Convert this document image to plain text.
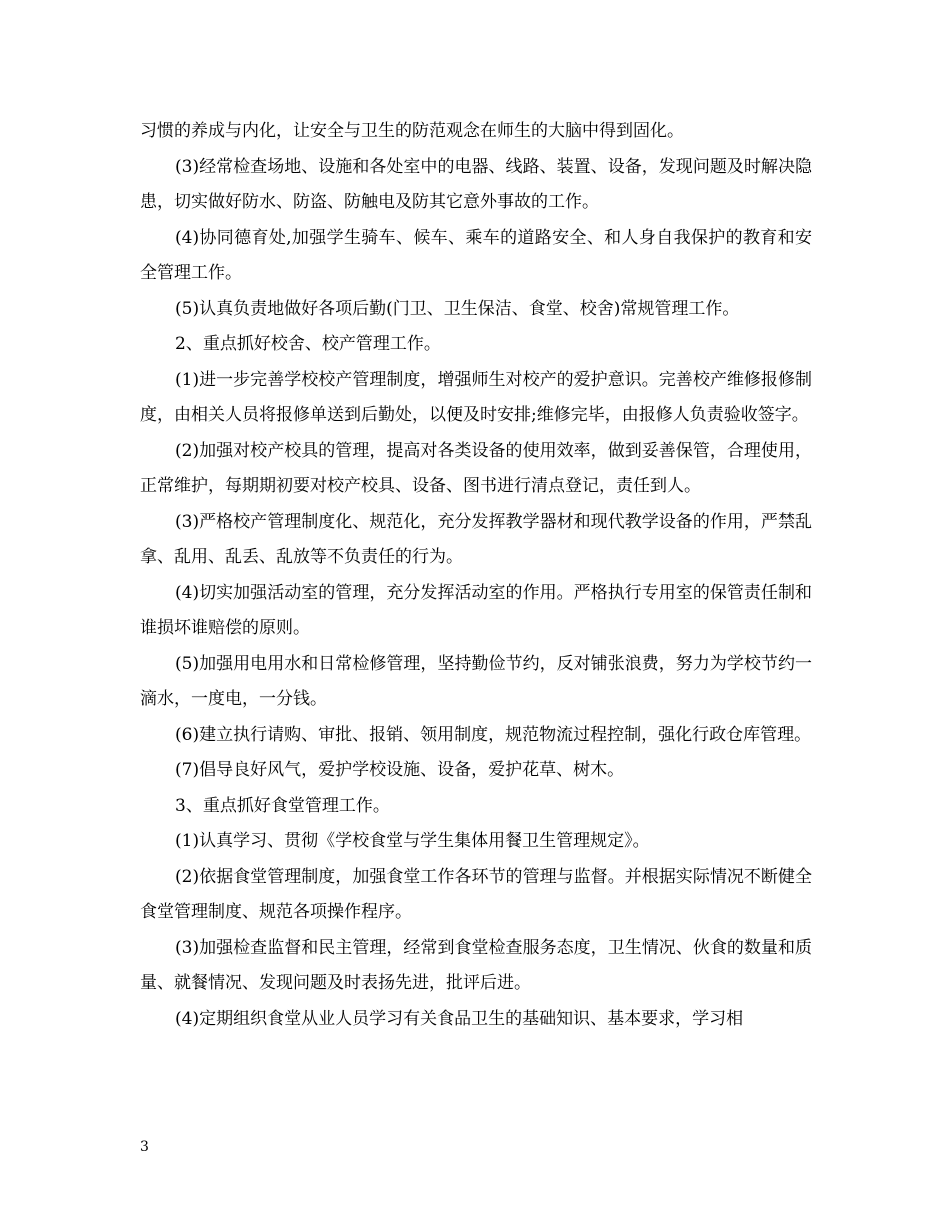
习惯的养成与内化，让安全与卫生的防范观念在师生的大脑中得到固化。

(3)经常检查场地、设施和各处室中的电器、线路、装置、设备，发现问题及时解决隐患，切实做好防水、防盗、防触电及防其它意外事故的工作。

(4)协同德育处,加强学生骑车、候车、乘车的道路安全、和人身自我保护的教育和安全管理工作。

(5)认真负责地做好各项后勤(门卫、卫生保洁、食堂、校舍)常规管理工作。

2、重点抓好校舍、校产管理工作。

(1)进一步完善学校校产管理制度，增强师生对校产的爱护意识。完善校产维修报修制度，由相关人员将报修单送到后勤处，以便及时安排;维修完毕，由报修人负责验收签字。

(2)加强对校产校具的管理，提高对各类设备的使用效率，做到妥善保管，合理使用，正常维护，每期期初要对校产校具、设备、图书进行清点登记，责任到人。

(3)严格校产管理制度化、规范化，充分发挥教学器材和现代教学设备的作用，严禁乱拿、乱用、乱丢、乱放等不负责任的行为。

(4)切实加强活动室的管理，充分发挥活动室的作用。严格执行专用室的保管责任制和谁损坏谁赔偿的原则。

(5)加强用电用水和日常检修管理，坚持勤俭节约，反对铺张浪费，努力为学校节约一滴水，一度电，一分钱。

(6)建立执行请购、审批、报销、领用制度，规范物流过程控制，强化行政仓库管理。

(7)倡导良好风气，爱护学校设施、设备，爱护花草、树木。

3、重点抓好食堂管理工作。

(1)认真学习、贯彻《学校食堂与学生集体用餐卫生管理规定》。

(2)依据食堂管理制度，加强食堂工作各环节的管理与监督。并根据实际情况不断健全食堂管理制度、规范各项操作程序。

(3)加强检查监督和民主管理，经常到食堂检查服务态度，卫生情况、伙食的数量和质量、就餐情况、发现问题及时表扬先进，批评后进。

(4)定期组织食堂从业人员学习有关食品卫生的基础知识、基本要求，学习相

3
